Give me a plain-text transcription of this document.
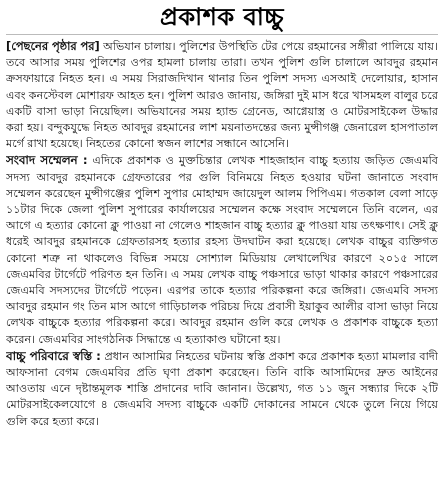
প্রকাশক বাচ্চু

[পেছনের পৃষ্ঠার পর] অভিযান চালায়। পুলিশের উপস্থিতি টের পেয়ে রহমানের সঙ্গীরা পালিয়ে যায়। তবে আসার সময় পুলিশের ওপর হামলা চালায় তারা। তখন পুলিশ গুলি চালালে আবদুর রহমান ক্রসফায়ারে নিহত হন। এ সময় সিরাজদিখান থানার তিন পুলিশ সদস্য এসআই দেলোয়ার, হাসান এবং কনস্টেবল মোশারফ আহত হন। পুলিশ আরও জানায়, জঙ্গিরা দুই মাস ধরে খাসমহল বালুর চরে একটি বাসা ভাড়া নিয়েছিল। অভিযানের সময় হ্যান্ড গ্রেনেড, আগ্নেয়াস্ত্র ও মোটরসাইকেল উদ্ধার করা হয়। বন্দুকযুদ্ধে নিহত আবদুর রহমানের লাশ ময়নাতদন্তের জন্য মুন্সীগঞ্জ জেনারেল হাসপাতাল মর্গে রাখা হয়েছে। নিহতের কোনো স্বজন লাশের সন্ধানে আসেনি।

সংবাদ সম্মেলন : এদিকে প্রকাশক ও মুক্তচিন্তার লেখক শাহজাহান বাচ্চু হত্যায় জড়িত জেএমবি সদস্য আবদুর রহমানকে গ্রেফতারের পর গুলি বিনিময়ে নিহত হওয়ার ঘটনা জানাতে সংবাদ সম্মেলন করেছেন মুন্সীগঞ্জের পুলিশ সুপার মোহাম্মদ জায়েদুল আলম পিপিএম। গতকাল বেলা সাড়ে ১১টার দিকে জেলা পুলিশ সুপারের কার্যালয়ের সম্মেলন কক্ষে সংবাদ সম্মেলনে তিনি বলেন, এর আগে এ হত্যার কোনো ক্লু পাওয়া না গেলেও শাহজান বাচ্চু হত্যার ক্লু পাওয়া যায় তৎক্ষণাৎ। সেই ক্লু ধরেই আবদুর রহমানকে গ্রেফতারসহ হত্যার রহস্য উদঘাটন করা হয়েছে। লেখক বাচ্চুর ব্যক্তিগত কোনো শত্রু না থাকলেও বিভিন্ন সময়ে সোশ্যাল মিডিয়ায় লেখালেখির কারণে ২০১৫ সালে জেএমবির টার্গেটে পরিণত হন তিনি। এ সময় লেখক বাচ্চু পঞ্চসারে ভাড়া থাকার কারণে পঞ্চসারের জেএমবি সদস্যদের টার্গেটে পড়েন। এরপর তাকে হত্যার পরিকল্পনা করে জঙ্গিরা। জেএমবি সদস্য আবদুর রহমান গং তিন মাস আগে গাড়িচালক পরিচয় দিয়ে প্রবাসী ইয়াকুব আলীর বাসা ভাড়া নিয়ে লেখক বাচ্চুকে হত্যার পরিকল্পনা করে। আবদুর রহমান গুলি করে লেখক ও প্রকাশক বাচ্চুকে হত্যা করেন। জেএমবির সাংগঠনিক সিদ্ধান্তে এ হত্যাকাণ্ড ঘটানো হয়।

বাচ্চু পরিবারে স্বস্তি : প্রধান আসামির নিহতের ঘটনায় স্বস্তি প্রকাশ করে প্রকাশক হত্যা মামলার বাদী আফসানা বেগম জেএমবির প্রতি ঘৃণা প্রকাশ করেছেন। তিনি বাকি আসামিদের দ্রুত আইনের আওতায় এনে দৃষ্টান্তমূলক শাস্তি প্রদানের দাবি জানান। উল্লেখ্য, গত ১১ জুন সন্ধ্যার দিকে ২টি মোটরসাইকেলযোগে ৪ জেএমবি সদস্য বাচ্চুকে একটি দোকানের সামনে থেকে তুলে নিয়ে গিয়ে গুলি করে হত্যা করে।
